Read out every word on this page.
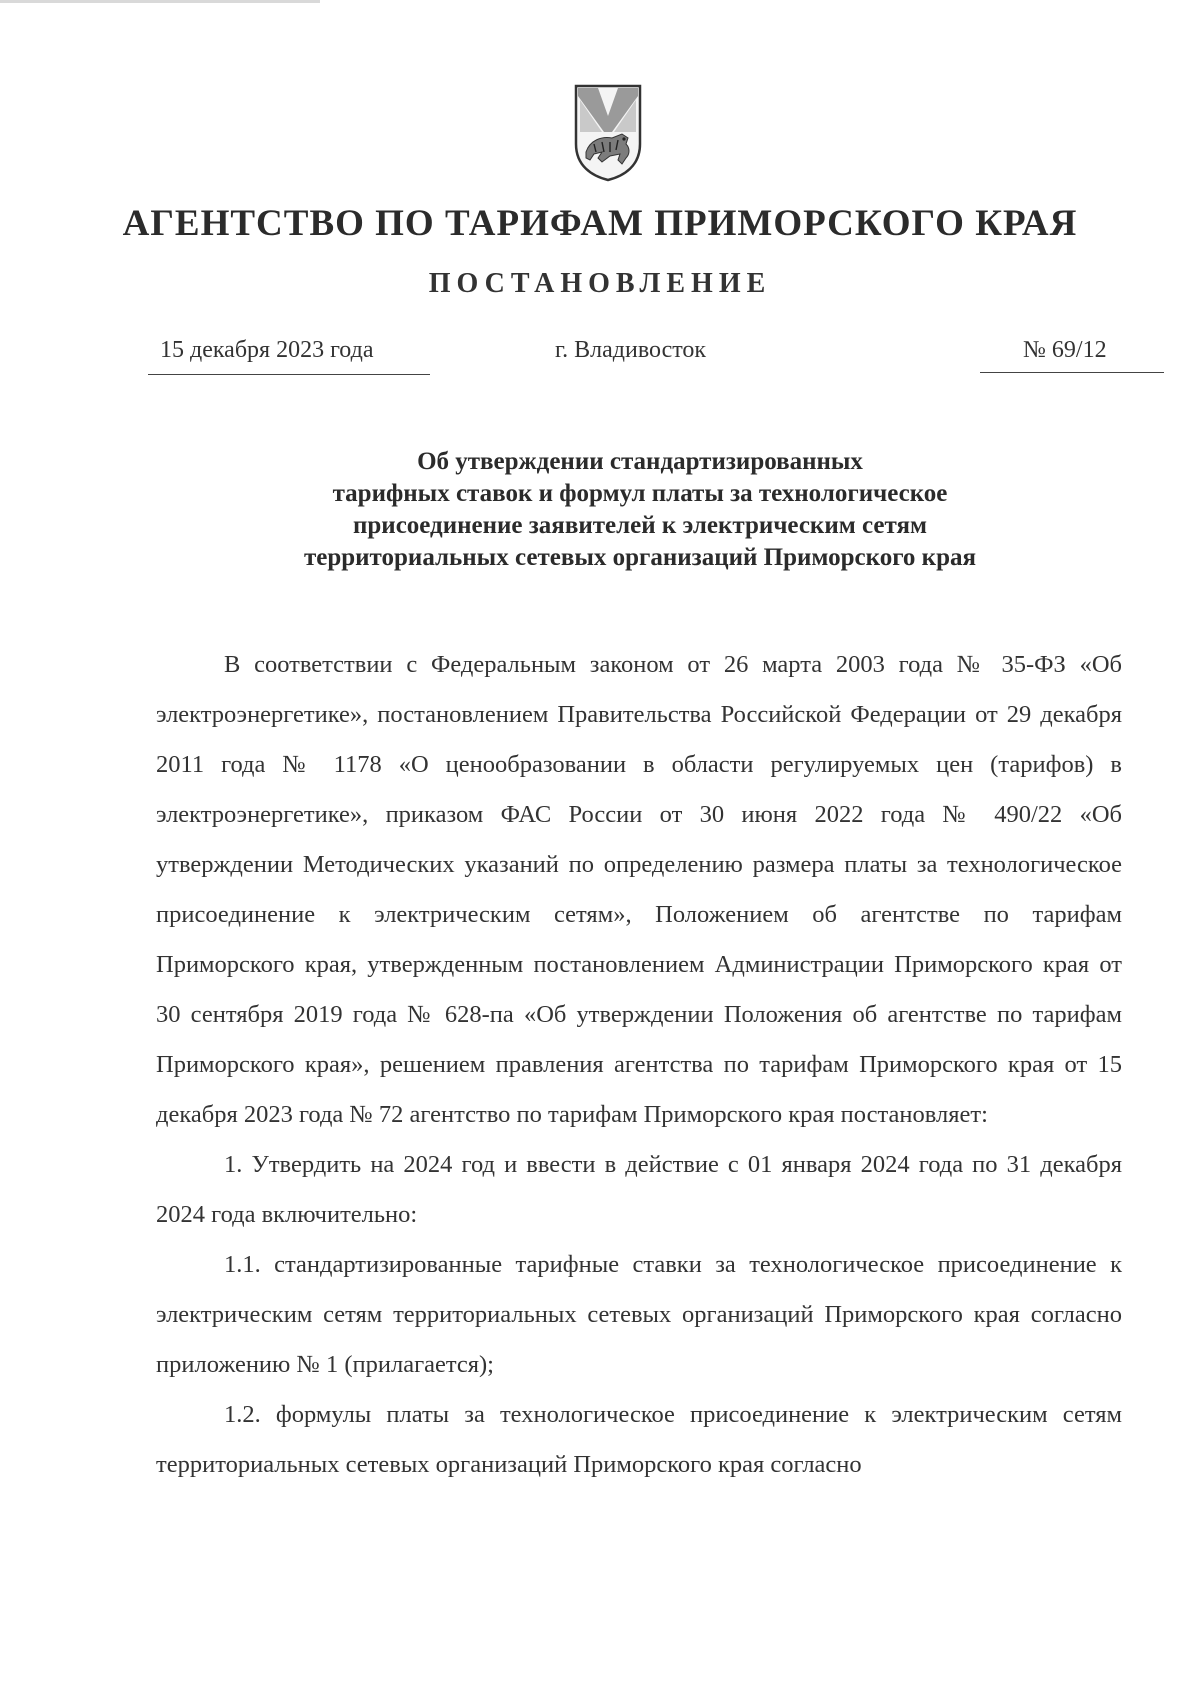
АГЕНТСТВО ПО ТАРИФАМ ПРИМОРСКОГО КРАЯ
ПОСТАНОВЛЕНИЕ
15 декабря 2023 года	г. Владивосток	№ 69/12
Об утверждении стандартизированных
тарифных ставок и формул платы за технологическое
присоединение заявителей к электрическим сетям
территориальных сетевых организаций Приморского края

В соответствии с Федеральным законом от 26 марта 2003 года № 35-ФЗ «Об электроэнергетике», постановлением Правительства Российской Федерации от 29 декабря 2011 года № 1178 «О ценообразовании в области регулируемых цен (тарифов) в электроэнергетике», приказом ФАС России от 30 июня 2022 года № 490/22 «Об утверждении Методических указаний по определению размера платы за технологическое присоединение к электрическим сетям», Положением об агентстве по тарифам Приморского края, утвержденным постановлением Администрации Приморского края от 30 сентября 2019 года № 628-па «Об утверждении Положения об агентстве по тарифам Приморского края», решением правления агентства по тарифам Приморского края от 15 декабря 2023 года № 72 агентство по тарифам Приморского края постановляет:

1. Утвердить на 2024 год и ввести в действие с 01 января 2024 года по 31 декабря 2024 года включительно:

1.1. стандартизированные тарифные ставки за технологическое присоединение к электрическим сетям территориальных сетевых организаций Приморского края согласно приложению № 1 (прилагается);

1.2. формулы платы за технологическое присоединение к электрическим сетям территориальных сетевых организаций Приморского края согласно
